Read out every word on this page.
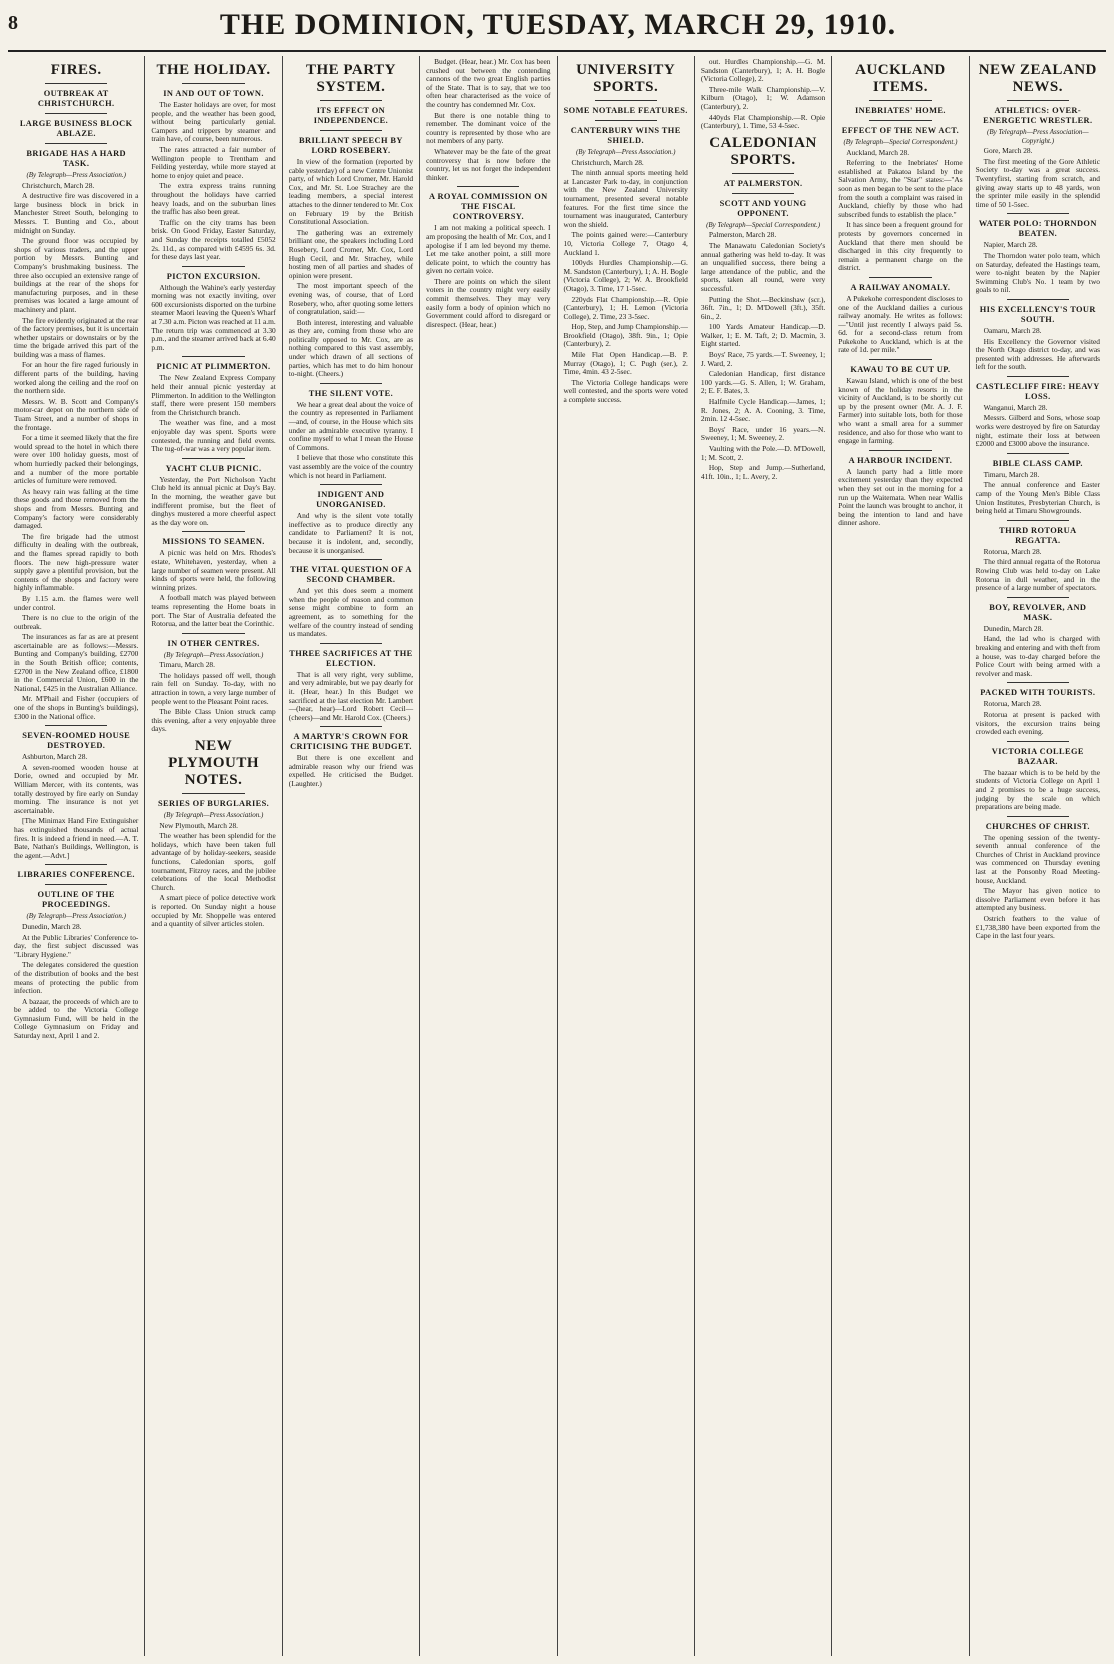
8	THE DOMINION, TUESDAY, MARCH 29, 1910.
FIRES.
OUTBREAK AT CHRISTCHURCH.
LARGE BUSINESS BLOCK ABLAZE.
BRIGADE HAS A HARD TASK.
(By Telegraph—Press Association.)

Christchurch, March 28.

A destructive fire was discovered in a large business block in brick in Manchester Street South, belonging to Messrs. T. Bunting and Co., about midnight on Sunday.

The ground floor was occupied by shops of various traders, and the upper portion by Messrs. Bunting and Company's brushmaking business. The three also occupied an extensive range of buildings at the rear of the shops for manufacturing purposes, and in these premises was located a large amount of machinery and plant.

The fire evidently originated at the rear of the factory premises, but it is uncertain whether upstairs or downstairs or by the time the brigade arrived this part of the building was a mass of flames.

For an hour the fire raged furiously in different parts of the building, having worked along the ceiling and the roof on the northern side.

Messrs. W. B. Scott and Company's motor-car depot on the northern side of Tuam Street, and a number of shops in the frontage.

For a time it seemed likely that the fire would spread to the hotel in which there were over 100 holiday guests, most of whom hurriedly packed their belongings, and a number of the more portable articles of furniture were removed.

As heavy rain was falling at the time these goods and those removed from the shops and from Messrs. Bunting and Company's factory were considerably damaged.

The fire brigade had the utmost difficulty in dealing with the outbreak, and the flames spread rapidly to both floors. The new high-pressure water supply gave a plentiful provision, but the contents of the shops and factory were highly inflammable.

By 1.15 a.m. the flames were well under control.

There is no clue to the origin of the outbreak.

The insurances as far as are at present ascertainable are as follows:—Messrs. Bunting and Company's building, £2700 in the South British office; contents, £2700 in the New Zealand office, £1800 in the Commercial Union, £600 in the National, £425 in the Australian Alliance.

Mr. M'Phail and Fisher (occupiers of one of the shops in Bunting's buildings), £300 in the National office.

SEVEN-ROOMED HOUSE DESTROYED.

Ashburton, March 28.

A seven-roomed wooden house at Dorie, owned and occupied by Mr. William Mercer, with its contents, was totally destroyed by fire early on Sunday morning. The insurance is not yet ascertainable.

[The Minimax Hand Fire Extinguisher has extinguished thousands of actual fires. It is indeed a friend in need.—A. T. Bate, Nathan's Buildings, Wellington, is the agent.—Advt.]

LIBRARIES CONFERENCE.
OUTLINE OF THE PROCEEDINGS.
(By Telegraph—Press Association.)

Dunedin, March 28.

At the Public Libraries' Conference to-day, the first subject discussed was "Library Hygiene."

The delegates considered the question of the distribution of books and the best means of protecting the public from infection.

A bazaar, the proceeds of which are to be added to the Victoria College Gymnasium Fund, will be held in the College Gymnasium on Friday and Saturday next, April 1 and 2.

THE HOLIDAY.
IN AND OUT OF TOWN.

The Easter holidays are over, for most people, and the weather has been good, without being particularly genial. Campers and trippers by steamer and train have, of course, been numerous.

The rates attracted a fair number of Wellington people to Trentham and Feilding yesterday, while more stayed at home to enjoy quiet and peace.

The extra express trains running throughout the holidays have carried heavy loads, and on the suburban lines the traffic has also been great.

Traffic on the city trams has been brisk. On Good Friday, Easter Saturday, and Sunday the receipts totalled £5052 2s. 11d., as compared with £4595 6s. 3d. for these days last year.

PICTON EXCURSION.

Although the Wahine's early yesterday morning was not exactly inviting, over 600 excursionists disported on the turbine steamer Maori leaving the Queen's Wharf at 7.30 a.m. Picton was reached at 11 a.m. The return trip was commenced at 3.30 p.m., and the steamer arrived back at 6.40 p.m.

PICNIC AT PLIMMERTON.

The New Zealand Express Company held their annual picnic yesterday at Plimmerton. In addition to the Wellington staff, there were present 150 members from the Christchurch branch.

The weather was fine, and a most enjoyable day was spent. Sports were contested, the running and field events. The tug-of-war was a very popular item.

YACHT CLUB PICNIC.

Yesterday, the Port Nicholson Yacht Club held its annual picnic at Day's Bay. In the morning, the weather gave but indifferent promise, but the fleet of dinghys mustered a more cheerful aspect as the day wore on.

MISSIONS TO SEAMEN.

A picnic was held on Mrs. Rhodes's estate, Whitehaven, yesterday, when a large number of seamen were present. All kinds of sports were held, the following winning prizes.

A football match was played between teams representing the Home boats in port. The Star of Australia defeated the Rotorua, and the latter beat the Corinthic.

IN OTHER CENTRES.
(By Telegraph—Press Association.)

Timaru, March 28.

The holidays passed off well, though rain fell on Sunday. To-day, with no attraction in town, a very large number of people went to the Pleasant Point races.

The Bible Class Union struck camp this evening, after a very enjoyable three days.

NEW PLYMOUTH NOTES.
SERIES OF BURGLARIES.
(By Telegraph—Press Association.)

New Plymouth, March 28.

The weather has been splendid for the holidays, which have been taken full advantage of by holiday-seekers, seaside functions, Caledonian sports, golf tournament, Fitzroy races, and the jubilee celebrations of the local Methodist Church.

A smart piece of police detective work is reported. On Sunday night a house occupied by Mr. Shoppelle was entered and a quantity of silver articles stolen.

THE PARTY SYSTEM.
ITS EFFECT ON INDEPENDENCE.
BRILLIANT SPEECH BY LORD ROSEBERY.

In view of the formation (reported by cable yesterday) of a new Centre Unionist party, of which Lord Cromer, Mr. Harold Cox, and Mr. St. Loe Strachey are the leading members, a special interest attaches to the dinner tendered to Mr. Cox on February 19 by the British Constitutional Association.

The gathering was an extremely brilliant one, the speakers including Lord Rosebery, Lord Cromer, Mr. Cox, Lord Hugh Cecil, and Mr. Strachey, while hosting men of all parties and shades of opinion were present.

The most important speech of the evening was, of course, that of Lord Rosebery, who, after quoting some letters of congratulation, said:—

Both interest, interesting and valuable as they are, coming from those who are politically opposed to Mr. Cox, are as nothing compared to this vast assembly, under which drawn of all sections of parties, which has met to do him honour to-night. (Cheers.)

THE SILENT VOTE.

We hear a great deal about the voice of the country as represented in Parliament—and, of course, in the House which sits under an admirable executive tyranny. I confine myself to what I mean the House of Commons.

I believe that those who constitute this vast assembly are the voice of the country which is not heard in Parliament.

INDIGENT AND UNORGANISED.

And why is the silent vote totally ineffective as to produce directly any candidate to Parliament? It is not, because it is indolent, and, secondly, because it is unorganised.

THE VITAL QUESTION OF A SECOND CHAMBER.

And yet this does seem a moment when the people of reason and common sense might combine to form an agreement, as to something for the welfare of the country instead of sending us mandates.

THREE SACRIFICES AT THE ELECTION.

That is all very right, very sublime, and very admirable, but we pay dearly for it. (Hear, hear.) In this Budget we sacrificed at the last election Mr. Lambert—(hear, hear)—Lord Robert Cecil—(cheers)—and Mr. Harold Cox. (Cheers.)

A MARTYR'S CROWN FOR CRITICISING THE BUDGET.

But there is one excellent and admirable reason why our friend was expelled. He criticised the Budget. (Laughter.)

Budget. (Hear, hear.) Mr. Cox has been crushed out between the contending cannons of the two great English parties of the State. That is to say, that we too often hear characterised as the voice of the country has condemned Mr. Cox.

But there is one notable thing to remember. The dominant voice of the country is represented by those who are not members of any party.

Whatever may be the fate of the great controversy that is now before the country, let us not forget the independent thinker.

A ROYAL COMMISSION ON THE FISCAL CONTROVERSY.

I am not making a political speech. I am proposing the health of Mr. Cox, and I apologise if I am led beyond my theme. Let me take another point, a still more delicate point, to which the country has given no certain voice.

There are points on which the silent voters in the country might very easily commit themselves. They may very easily form a body of opinion which no Government could afford to disregard or disrespect. (Hear, hear.)

UNIVERSITY SPORTS.
SOME NOTABLE FEATURES.
CANTERBURY WINS THE SHIELD.
(By Telegraph—Press Association.)

Christchurch, March 28.

The ninth annual sports meeting held at Lancaster Park to-day, in conjunction with the New Zealand University tournament, presented several notable features. For the first time since the tournament was inaugurated, Canterbury won the shield.

The points gained were:—Canterbury 10, Victoria College 7, Otago 4, Auckland 1.

100yds Hurdles Championship.—G. M. Sandston (Canterbury), 1; A. H. Bogle (Victoria College), 2; W. A. Brookfield (Otago), 3. Time, 17 1-5sec.

220yds Flat Championship.—R. Opie (Canterbury), 1; H. Lemon (Victoria College), 2. Time, 23 3-5sec.

Hop, Step, and Jump Championship.—Brookfield (Otago), 38ft. 9in., 1; Opie (Canterbury), 2.

Mile Flat Open Handicap.—B. P. Murray (Otago), 1; C. Pugh (ser.), 2. Time, 4min. 43 2-5sec.

The Victoria College handicaps were well contested, and the sports were voted a complete success.

out. Hurdles Championship.—G. M. Sandston (Canterbury), 1; A. H. Bogle (Victoria College), 2.

Three-mile Walk Championship.—V. Kilburn (Otago), 1; W. Adamson (Canterbury), 2.

440yds Flat Championship.—R. Opie (Canterbury), 1. Time, 53 4-5sec.

CALEDONIAN SPORTS.
AT PALMERSTON.
SCOTT AND YOUNG OPPONENT.
(By Telegraph—Special Correspondent.)

Palmerston, March 28.

The Manawatu Caledonian Society's annual gathering was held to-day. It was an unqualified success, there being a large attendance of the public, and the sports, taken all round, were very successful.

Putting the Shot.—Beckinshaw (scr.), 36ft. 7in., 1; D. M'Dowell (3ft.), 35ft. 6in., 2.

100 Yards Amateur Handicap.—D. Walker, 1; E. M. Taft, 2; D. Macmin, 3. Eight started.

Boys' Race, 75 yards.—T. Sweeney, 1; J. Ward, 2.

Caledonian Handicap, first distance 100 yards.—G. S. Allen, 1; W. Graham, 2; E. F. Bates, 3.

Halfmile Cycle Handicap.—James, 1; R. Jones, 2; A. A. Cooning, 3. Time, 2min. 12 4-5sec.

Boys' Race, under 16 years.—N. Sweeney, 1; M. Sweeney, 2.

Vaulting with the Pole.—D. M'Dowell, 1; M. Scott, 2.

Hop, Step and Jump.—Sutherland, 41ft. 10in., 1; L. Avery, 2.

AUCKLAND ITEMS.
INEBRIATES' HOME.
EFFECT OF THE NEW ACT.
(By Telegraph—Special Correspondent.)

Auckland, March 28.

Referring to the Inebriates' Home established at Pakatoa Island by the Salvation Army, the "Star" states:—"As soon as men began to be sent to the place from the south a complaint was raised in Auckland, chiefly by those who had subscribed funds to establish the place."

It has since been a frequent ground for protests by governors concerned in Auckland that there men should be discharged in this city frequently to remain a permanent charge on the district.

A RAILWAY ANOMALY.

A Pukekohe correspondent discloses to one of the Auckland dailies a curious railway anomaly. He writes as follows:—"Until just recently I always paid 5s. 6d. for a second-class return from Pukekohe to Auckland, which is at the rate of 1d. per mile."

KAWAU TO BE CUT UP.

Kawau Island, which is one of the best known of the holiday resorts in the vicinity of Auckland, is to be shortly cut up by the present owner (Mr. A. J. F. Farmer) into suitable lots, both for those who want a small area for a summer residence, and also for those who want to engage in farming.

A HARBOUR INCIDENT.

A launch party had a little more excitement yesterday than they expected when they set out in the morning for a run up the Waitemata. When near Wallis Point the launch was brought to anchor, it being the intention to land and have dinner ashore.

NEW ZEALAND NEWS.
ATHLETICS: OVER-ENERGETIC WRESTLER.
(By Telegraph—Press Association—Copyright.)

Gore, March 28.

The first meeting of the Gore Athletic Society to-day was a great success. Twentyfirst, starting from scratch, and giving away starts up to 48 yards, won the sprinter mile easily in the splendid time of 50 1-5sec.

WATER POLO: THORNDON BEATEN.

Napier, March 28.

The Thorndon water polo team, which on Saturday, defeated the Hastings team, were to-night beaten by the Napier Swimming Club's No. 1 team by two goals to nil.

HIS EXCELLENCY'S TOUR SOUTH.

Oamaru, March 28.

His Excellency the Governor visited the North Otago district to-day, and was presented with addresses. He afterwards left for the south.

CASTLECLIFF FIRE: HEAVY LOSS.

Wanganui, March 28.

Messrs. Gilberd and Sons, whose soap works were destroyed by fire on Saturday night, estimate their loss at between £2000 and £3000 above the insurance.

BIBLE CLASS CAMP.

Timaru, March 28.

The annual conference and Easter camp of the Young Men's Bible Class Union Institutes, Presbyterian Church, is being held at Timaru Showgrounds.

THIRD ROTORUA REGATTA.

Rotorua, March 28.

The third annual regatta of the Rotorua Rowing Club was held to-day on Lake Rotorua in dull weather, and in the presence of a large number of spectators.

BOY, REVOLVER, AND MASK.

Dunedin, March 28.

Hand, the lad who is charged with breaking and entering and with theft from a house, was to-day charged before the Police Court with being armed with a revolver and mask.

PACKED WITH TOURISTS.

Rotorua, March 28.

Rotorua at present is packed with visitors, the excursion trains being crowded each evening.

VICTORIA COLLEGE BAZAAR.

The bazaar which is to be held by the students of Victoria College on April 1 and 2 promises to be a huge success, judging by the scale on which preparations are being made.

CHURCHES OF CHRIST.

The opening session of the twenty-seventh annual conference of the Churches of Christ in Auckland province was commenced on Thursday evening last at the Ponsonby Road Meeting-house, Auckland.

The Mayor has given notice to dissolve Parliament even before it has attempted any business.

Ostrich feathers to the value of £1,738,380 have been exported from the Cape in the last four years.
